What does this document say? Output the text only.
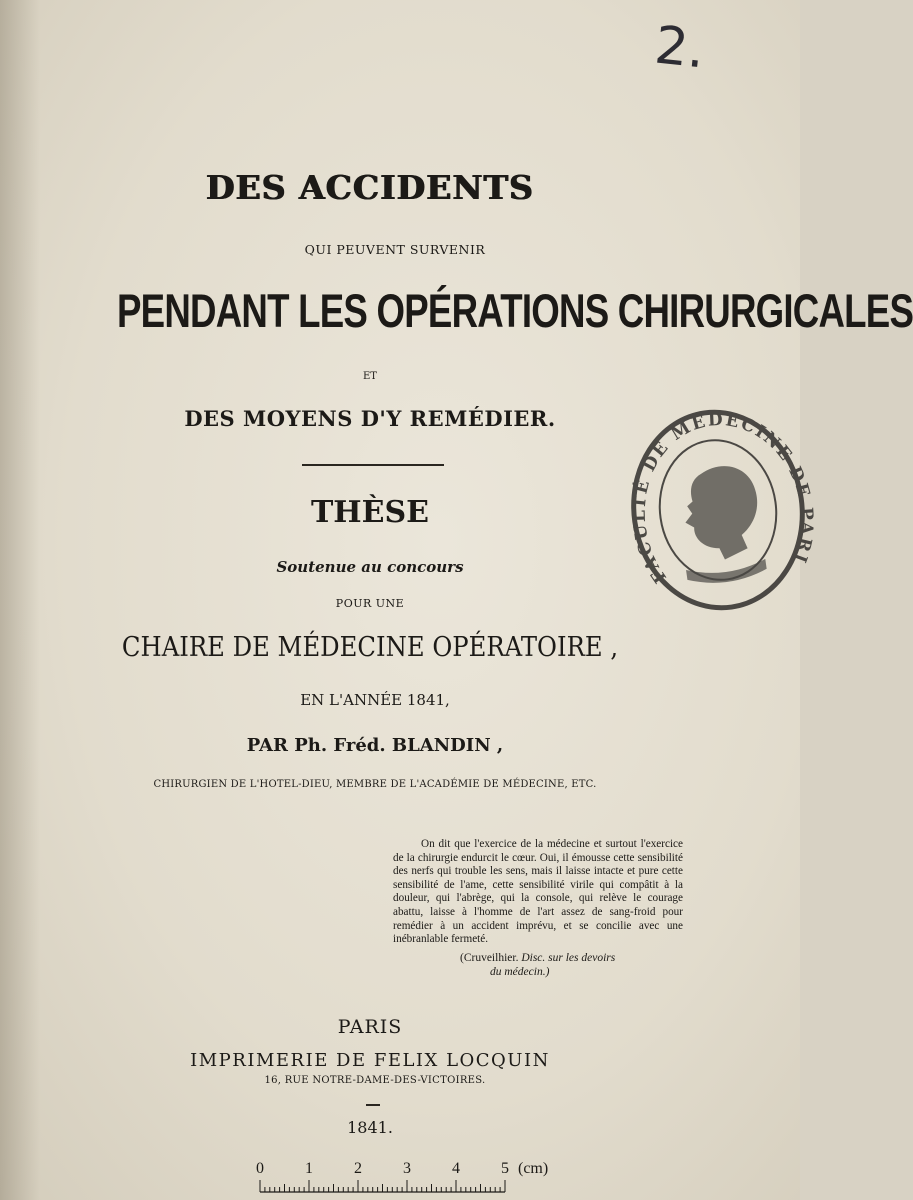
2.
DES ACCIDENTS
QUI PEUVENT SURVENIR
PENDANT LES OPÉRATIONS CHIRURGICALES
ET
DES MOYENS D'Y REMÉDIER.
THÈSE
Soutenue au concours
POUR UNE
CHAIRE DE MÉDECINE OPÉRATOIRE ,
EN L'ANNÉE 1841,
PAR Ph. Fréd. BLANDIN ,
CHIRURGIEN DE L'HOTEL-DIEU, MEMBRE DE L'ACADÉMIE DE MÉDECINE, ETC.
On dit que l'exercice de la médecine et surtout l'exercice de la chirurgie endurcit le cœur. Oui, il émousse cette sensibilité des nerfs qui trouble les sens, mais il laisse intacte et pure cette sensibilité de l'ame, cette sensibilité virile qui compâtit à la douleur, qui l'abrège, qui la console, qui relève le courage abattu, laisse à l'homme de l'art assez de sang-froid pour remédier à un accident imprévu, et se concilie avec une inébranlable fermeté.
(Cruveilhier. Disc. sur les devoirs
du médecin.)
PARIS
IMPRIMERIE DE FELIX LOCQUIN
16, RUE NOTRE-DAME-DES-VICTOIRES.
1841.
FACULTÉ DE MÉDECINE DE PARIS
0	1	2	3	4	5 (cm)
